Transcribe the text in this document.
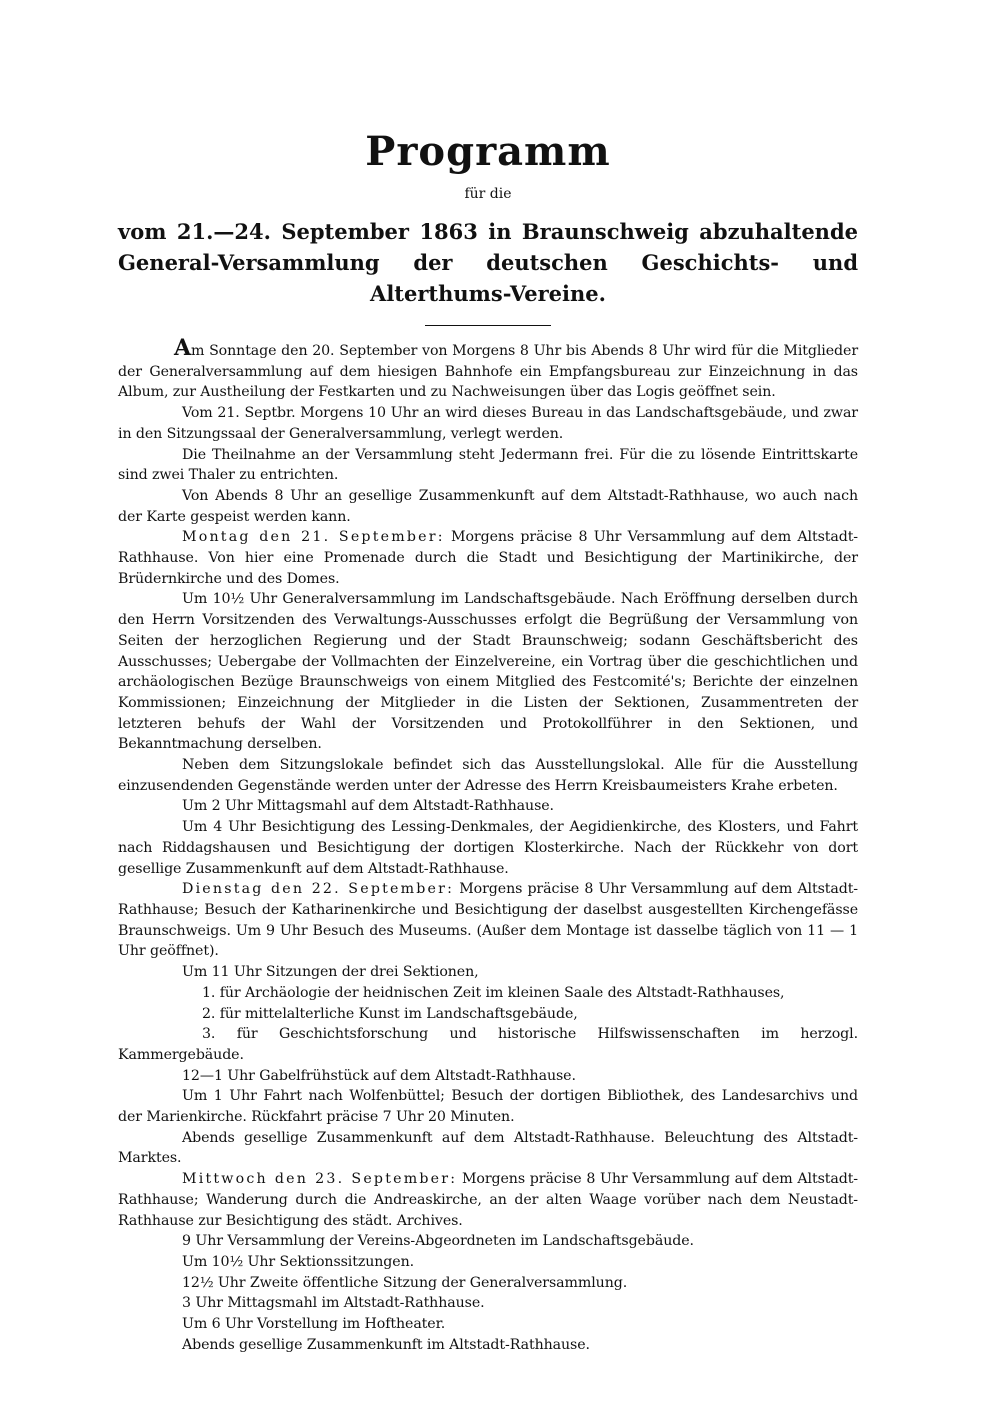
Programm
für die
vom 21.—24. September 1863 in Braunschweig abzuhaltende General-Versammlung der deutschen Geschichts- und Alterthums-Vereine.

Am Sonntage den 20. September von Morgens 8 Uhr bis Abends 8 Uhr wird für die Mitglieder der Generalversammlung auf dem hiesigen Bahnhofe ein Empfangsbureau zur Einzeichnung in das Album, zur Austheilung der Festkarten und zu Nachweisungen über das Logis geöffnet sein.

Vom 21. Septbr. Morgens 10 Uhr an wird dieses Bureau in das Landschaftsgebäude, und zwar in den Sitzungssaal der Generalversammlung, verlegt werden.

Die Theilnahme an der Versammlung steht Jedermann frei. Für die zu lösende Eintrittskarte sind zwei Thaler zu entrichten.

Von Abends 8 Uhr an gesellige Zusammenkunft auf dem Altstadt-Rathhause, wo auch nach der Karte gespeist werden kann.

Montag den 21. September: Morgens präcise 8 Uhr Versammlung auf dem Altstadt-Rathhause. Von hier eine Promenade durch die Stadt und Besichtigung der Martinikirche, der Brüdernkirche und des Domes.

Um 10½ Uhr Generalversammlung im Landschaftsgebäude. Nach Eröffnung derselben durch den Herrn Vorsitzenden des Verwaltungs-Ausschusses erfolgt die Begrüßung der Versammlung von Seiten der herzoglichen Regierung und der Stadt Braunschweig; sodann Geschäftsbericht des Ausschusses; Uebergabe der Vollmachten der Einzelvereine, ein Vortrag über die geschichtlichen und archäologischen Bezüge Braunschweigs von einem Mitglied des Festcomité's; Berichte der einzelnen Kommissionen; Einzeichnung der Mitglieder in die Listen der Sektionen, Zusammentreten der letzteren behufs der Wahl der Vorsitzenden und Protokollführer in den Sektionen, und Bekanntmachung derselben.

Neben dem Sitzungslokale befindet sich das Ausstellungslokal. Alle für die Ausstellung einzusendenden Gegenstände werden unter der Adresse des Herrn Kreisbaumeisters Krahe erbeten.

Um 2 Uhr Mittagsmahl auf dem Altstadt-Rathhause.

Um 4 Uhr Besichtigung des Lessing-Denkmales, der Aegidienkirche, des Klosters, und Fahrt nach Riddagshausen und Besichtigung der dortigen Klosterkirche. Nach der Rückkehr von dort gesellige Zusammenkunft auf dem Altstadt-Rathhause.

Dienstag den 22. September: Morgens präcise 8 Uhr Versammlung auf dem Altstadt-Rathhause; Besuch der Katharinenkirche und Besichtigung der daselbst ausgestellten Kirchengefässe Braunschweigs. Um 9 Uhr Besuch des Museums. (Außer dem Montage ist dasselbe täglich von 11 — 1 Uhr geöffnet).

Um 11 Uhr Sitzungen der drei Sektionen,

1. für Archäologie der heidnischen Zeit im kleinen Saale des Altstadt-Rathhauses,

2. für mittelalterliche Kunst im Landschaftsgebäude,

3. für Geschichtsforschung und historische Hilfswissenschaften im herzogl. Kammergebäude.

12—1 Uhr Gabelfrühstück auf dem Altstadt-Rathhause.

Um 1 Uhr Fahrt nach Wolfenbüttel; Besuch der dortigen Bibliothek, des Landesarchivs und der Marienkirche. Rückfahrt präcise 7 Uhr 20 Minuten.

Abends gesellige Zusammenkunft auf dem Altstadt-Rathhause. Beleuchtung des Altstadt-Marktes.

Mittwoch den 23. September: Morgens präcise 8 Uhr Versammlung auf dem Altstadt-Rathhause; Wanderung durch die Andreaskirche, an der alten Waage vorüber nach dem Neustadt-Rathhause zur Besichtigung des städt. Archives.

9 Uhr Versammlung der Vereins-Abgeordneten im Landschaftsgebäude.

Um 10½ Uhr Sektionssitzungen.

12½ Uhr Zweite öffentliche Sitzung der Generalversammlung.

3 Uhr Mittagsmahl im Altstadt-Rathhause.

Um 6 Uhr Vorstellung im Hoftheater.

Abends gesellige Zusammenkunft im Altstadt-Rathhause.
